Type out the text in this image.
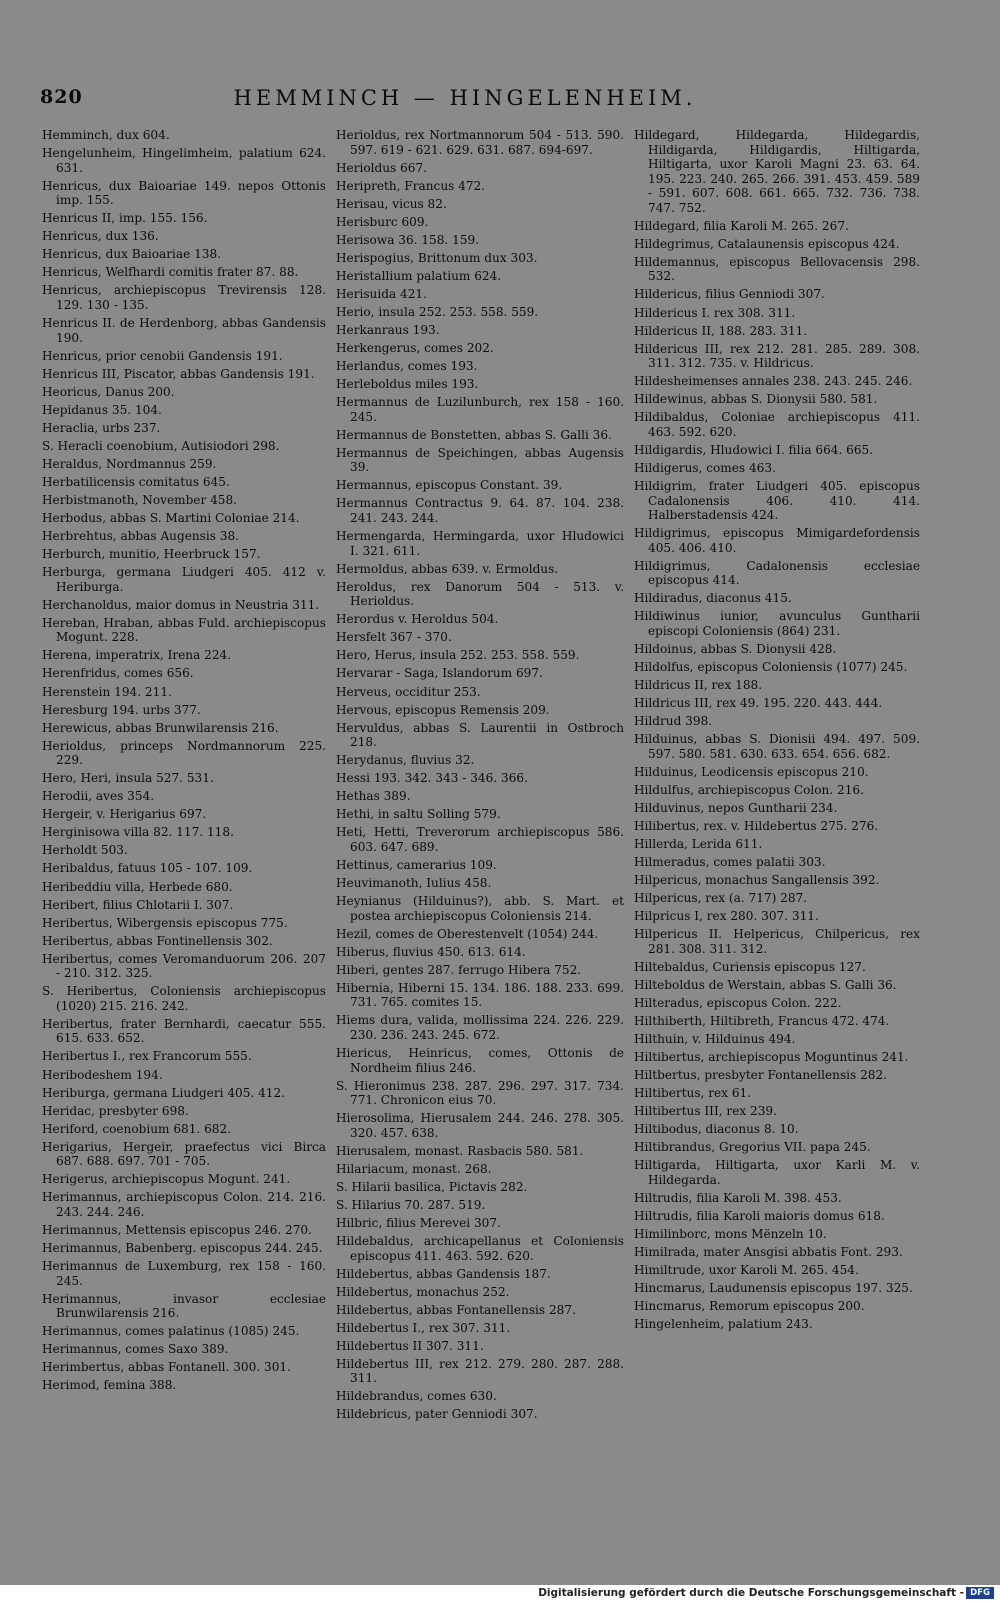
820	HEMMINCH — HINGELENHEIM.
Hemminch, dux 604.
Hengelunheim, Hingelimheim, palatium 624. 631.
Henricus, dux Baioariae 149. nepos Ottonis imp. 155.
Henricus II, imp. 155. 156.
Henricus, dux 136.
Henricus, dux Baioariae 138.
Henricus, Welfhardi comitis frater 87. 88.
Henricus, archiepiscopus Trevirensis 128. 129. 130 - 135.
Henricus II. de Herdenborg, abbas Gandensis 190.
Henricus, prior cenobii Gandensis 191.
Henricus III, Piscator, abbas Gandensis 191.
Heoricus, Danus 200.
Hepidanus 35. 104.
Heraclia, urbs 237.
S. Heracli coenobium, Autisiodori 298.
Heraldus, Nordmannus 259.
Herbatilicensis comitatus 645.
Herbistmanoth, November 458.
Herbodus, abbas S. Martini Coloniae 214.
Herbrehtus, abbas Augensis 38.
Herburch, munitio, Heerbruck 157.
Herburga, germana Liudgeri 405. 412 v. Heriburga.
Herchanoldus, maior domus in Neustria 311.
Hereban, Hraban, abbas Fuld. archiepiscopus Mogunt. 228.
Herena, imperatrix, Irena 224.
Herenfridus, comes 656.
Herenstein 194. 211.
Heresburg 194. urbs 377.
Herewicus, abbas Brunwilarensis 216.
Herioldus, princeps Nordmannorum 225. 229.
Hero, Heri, insula 527. 531.
Herodii, aves 354.
Hergeir, v. Herigarius 697.
Herginisowa villa 82. 117. 118.
Herholdt 503.
Heribaldus, fatuus 105 - 107. 109.
Heribeddiu villa, Herbede 680.
Heribert, filius Chlotarii I. 307.
Heribertus, Wibergensis episcopus 775.
Heribertus, abbas Fontinellensis 302.
Heribertus, comes Veromanduorum 206. 207 - 210. 312. 325.
S. Heribertus, Coloniensis archiepiscopus (1020) 215. 216. 242.
Heribertus, frater Bernhardi, caecatur 555. 615. 633. 652.
Heribertus I., rex Francorum 555.
Heribodeshem 194.
Heriburga, germana Liudgeri 405. 412.
Heridac, presbyter 698.
Heriford, coenobium 681. 682.
Herigarius, Hergeir, praefectus vici Birca 687. 688. 697. 701 - 705.
Herigerus, archiepiscopus Mogunt. 241.
Herimannus, archiepiscopus Colon. 214. 216. 243. 244. 246.
Herimannus, Mettensis episcopus 246. 270.
Herimannus, Babenberg. episcopus 244. 245.
Herimannus de Luxemburg, rex 158 - 160. 245.
Herimannus, invasor ecclesiae Brunwilarensis 216.
Herimannus, comes palatinus (1085) 245.
Herimannus, comes Saxo 389.
Herimbertus, abbas Fontanell. 300. 301.
Herimod, femina 388.
Herioldus, rex Nortmannorum 504 - 513. 590. 597. 619 - 621. 629. 631. 687. 694-697.
Herioldus 667.
Heripreth, Francus 472.
Herisau, vicus 82.
Herisburc 609.
Herisowa 36. 158. 159.
Herispogius, Brittonum dux 303.
Heristallium palatium 624.
Herisuida 421.
Herio, insula 252. 253. 558. 559.
Herkanraus 193.
Herkengerus, comes 202.
Herlandus, comes 193.
Herleboldus miles 193.
Hermannus de Luzilunburch, rex 158 - 160. 245.
Hermannus de Bonstetten, abbas S. Galli 36.
Hermannus de Speichingen, abbas Augensis 39.
Hermannus, episcopus Constant. 39.
Hermannus Contractus 9. 64. 87. 104. 238. 241. 243. 244.
Hermengarda, Hermingarda, uxor Hludowici I. 321. 611.
Hermoldus, abbas 639. v. Ermoldus.
Heroldus, rex Danorum 504 - 513. v. Herioldus.
Herordus v. Heroldus 504.
Hersfelt 367 - 370.
Hero, Herus, insula 252. 253. 558. 559.
Hervarar - Saga, Islandorum 697.
Herveus, occiditur 253.
Hervous, episcopus Remensis 209.
Hervuldus, abbas S. Laurentii in Ostbroch 218.
Herydanus, fluvius 32.
Hessi 193. 342. 343 - 346. 366.
Hethas 389.
Hethi, in saltu Solling 579.
Heti, Hetti, Treverorum archiepiscopus 586. 603. 647. 689.
Hettinus, camerarius 109.
Heuvimanoth, Iulius 458.
Heynianus (Hilduinus?), abb. S. Mart. et postea archiepiscopus Coloniensis 214.
Hezil, comes de Oberestenvelt (1054) 244.
Hiberus, fluvius 450. 613. 614.
Hiberi, gentes 287. ferrugo Hibera 752.
Hibernia, Hiberni 15. 134. 186. 188. 233. 699. 731. 765. comites 15.
Hiems dura, valida, mollissima 224. 226. 229. 230. 236. 243. 245. 672.
Hiericus, Heinricus, comes, Ottonis de Nordheim filius 246.
S. Hieronimus 238. 287. 296. 297. 317. 734. 771. Chronicon eius 70.
Hierosolima, Hierusalem 244. 246. 278. 305. 320. 457. 638.
Hierusalem, monast. Rasbacis 580. 581.
Hilariacum, monast. 268.
S. Hilarii basilica, Pictavis 282.
S. Hilarius 70. 287. 519.
Hilbric, filius Merevei 307.
Hildebaldus, archicapellanus et Coloniensis episcopus 411. 463. 592. 620.
Hildebertus, abbas Gandensis 187.
Hildebertus, monachus 252.
Hildebertus, abbas Fontanellensis 287.
Hildebertus I., rex 307. 311.
Hildebertus II 307. 311.
Hildebertus III, rex 212. 279. 280. 287. 288. 311.
Hildebrandus, comes 630.
Hildebricus, pater Genniodi 307.
Hildegard, Hildegarda, Hildegardis, Hildigarda, Hildigardis, Hiltigarda, Hiltigarta, uxor Karoli Magni 23. 63. 64. 195. 223. 240. 265. 266. 391. 453. 459. 589 - 591. 607. 608. 661. 665. 732. 736. 738. 747. 752.
Hildegard, filia Karoli M. 265. 267.
Hildegrimus, Catalaunensis episcopus 424.
Hildemannus, episcopus Bellovacensis 298. 532.
Hildericus, filius Genniodi 307.
Hildericus I. rex 308. 311.
Hildericus II, 188. 283. 311.
Hildericus III, rex 212. 281. 285. 289. 308. 311. 312. 735. v. Hildricus.
Hildesheimenses annales 238. 243. 245. 246.
Hildewinus, abbas S. Dionysii 580. 581.
Hildibaldus, Coloniae archiepiscopus 411. 463. 592. 620.
Hildigardis, Hludowici I. filia 664. 665.
Hildigerus, comes 463.
Hildigrim, frater Liudgeri 405. episcopus Cadalonensis 406. 410. 414. Halberstadensis 424.
Hildigrimus, episcopus Mimigardefordensis 405. 406. 410.
Hildigrimus, Cadalonensis ecclesiae episcopus 414.
Hildiradus, diaconus 415.
Hildiwinus iunior, avunculus Guntharii episcopi Coloniensis (864) 231.
Hildoinus, abbas S. Dionysii 428.
Hildolfus, episcopus Coloniensis (1077) 245.
Hildricus II, rex 188.
Hildricus III, rex 49. 195. 220. 443. 444.
Hildrud 398.
Hilduinus, abbas S. Dionisii 494. 497. 509. 597. 580. 581. 630. 633. 654. 656. 682.
Hilduinus, Leodicensis episcopus 210.
Hildulfus, archiepiscopus Colon. 216.
Hilduvinus, nepos Guntharii 234.
Hilibertus, rex. v. Hildebertus 275. 276.
Hillerda, Lerida 611.
Hilmeradus, comes palatii 303.
Hilpericus, monachus Sangallensis 392.
Hilpericus, rex (a. 717) 287.
Hilpricus I, rex 280. 307. 311.
Hilpericus II. Helpericus, Chilpericus, rex 281. 308. 311. 312.
Hiltebaldus, Curiensis episcopus 127.
Hilteboldus de Werstain, abbas S. Galli 36.
Hilteradus, episcopus Colon. 222.
Hilthiberth, Hiltibreth, Francus 472. 474.
Hilthuin, v. Hilduinus 494.
Hiltibertus, archiepiscopus Moguntinus 241.
Hiltbertus, presbyter Fontanellensis 282.
Hiltibertus, rex 61.
Hiltibertus III, rex 239.
Hiltibodus, diaconus 8. 10.
Hiltibrandus, Gregorius VII. papa 245.
Hiltigarda, Hiltigarta, uxor Karli M. v. Hildegarda.
Hiltrudis, filia Karoli M. 398. 453.
Hiltrudis, filia Karoli maioris domus 618.
Himilinborc, mons Mënzeln 10.
Himilrada, mater Ansgisi abbatis Font. 293.
Himiltrude, uxor Karoli M. 265. 454.
Hincmarus, Laudunensis episcopus 197. 325.
Hincmarus, Remorum episcopus 200.
Hingelenheim, palatium 243.
Digitalisierung gefördert durch die Deutsche Forschungsgemeinschaft - DFG
